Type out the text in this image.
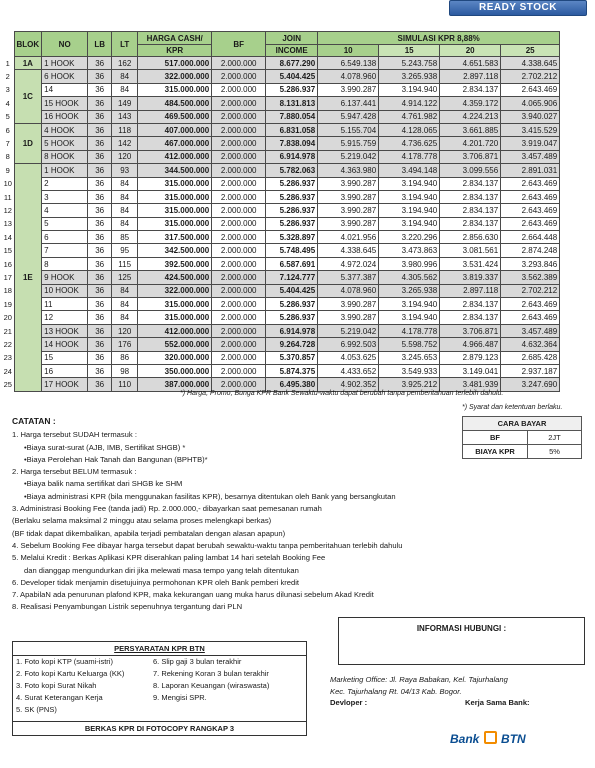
READY STOCK
	BLOK	NO	LB	LT	HARGA CASH/	BF	JOIN	SIMULASI KPR 8,88%			
					KPR		INCOME	10	15	20	25
1	1A	1 HOOK	36	162	517.000.000	2.000.000	8.677.290	6.549.138	5.243.758	4.651.583	4.338.645
2	1C	6 HOOK	36	84	322.000.000	2.000.000	5.404.425	4.078.960	3.265.938	2.897.118	2.702.212
3		14	36	84	315.000.000	2.000.000	5.286.937	3.990.287	3.194.940	2.834.137	2.643.469
4		15 HOOK	36	149	484.500.000	2.000.000	8.131.813	6.137.441	4.914.122	4.359.172	4.065.906
5		16 HOOK	36	143	469.500.000	2.000.000	7.880.054	5.947.428	4.761.982	4.224.213	3.940.027
6	1D	4 HOOK	36	118	407.000.000	2.000.000	6.831.058	5.155.704	4.128.065	3.661.885	3.415.529
7		5 HOOK	36	142	467.000.000	2.000.000	7.838.094	5.915.759	4.736.625	4.201.720	3.919.047
8		8 HOOK	36	120	412.000.000	2.000.000	6.914.978	5.219.042	4.178.778	3.706.871	3.457.489
9	1E	1 HOOK	36	93	344.500.000	2.000.000	5.782.063	4.363.980	3.494.148	3.099.556	2.891.031
10		2	36	84	315.000.000	2.000.000	5.286.937	3.990.287	3.194.940	2.834.137	2.643.469
11		3	36	84	315.000.000	2.000.000	5.286.937	3.990.287	3.194.940	2.834.137	2.643.469
12		4	36	84	315.000.000	2.000.000	5.286.937	3.990.287	3.194.940	2.834.137	2.643.469
13		5	36	84	315.000.000	2.000.000	5.286.937	3.990.287	3.194.940	2.834.137	2.643.469
14		6	36	85	317.500.000	2.000.000	5.328.897	4.021.956	3.220.296	2.856.630	2.664.448
15		7	36	95	342.500.000	2.000.000	5.748.495	4.338.645	3.473.863	3.081.561	2.874.248
16		8	36	115	392.500.000	2.000.000	6.587.691	4.972.024	3.980.996	3.531.424	3.293.846
17		9 HOOK	36	125	424.500.000	2.000.000	7.124.777	5.377.387	4.305.562	3.819.337	3.562.389
18		10 HOOK	36	84	322.000.000	2.000.000	5.404.425	4.078.960	3.265.938	2.897.118	2.702.212
19		11	36	84	315.000.000	2.000.000	5.286.937	3.990.287	3.194.940	2.834.137	2.643.469
20		12	36	84	315.000.000	2.000.000	5.286.937	3.990.287	3.194.940	2.834.137	2.643.469
21		13 HOOK	36	120	412.000.000	2.000.000	6.914.978	5.219.042	4.178.778	3.706.871	3.457.489
22		14 HOOK	36	176	552.000.000	2.000.000	9.264.728	6.992.503	5.598.752	4.966.487	4.632.364
23		15	36	86	320.000.000	2.000.000	5.370.857	4.053.625	3.245.653	2.879.123	2.685.428
24		16	36	98	350.000.000	2.000.000	5.874.375	4.433.652	3.549.933	3.149.041	2.937.187
25		17 HOOK	36	110	387.000.000	2.000.000	6.495.380	4.902.352	3.925.212	3.481.939	3.247.690
*) Harga, Promo, Bunga KPR Bank Sewaktu-waktu dapat berubah tanpa pemberitahuan terlebih dahulu.
*) Syarat dan ketentuan berlaku.
CATATAN :
1. Harga tersebut SUDAH termasuk :
•Biaya surat-surat (AJB, IMB, Sertifikat SHGB) *
•Biaya Perolehan Hak Tanah dan Bangunan (BPHTB)*
2. Harga tersebut BELUM termasuk :
•Biaya balik nama sertifikat dari SHGB ke SHM
•Biaya administrasi KPR (bila menggunakan fasilitas KPR), besarnya ditentukan oleh Bank yang bersangkutan
3. Administrasi Booking Fee (tanda jadi) Rp. 2.000.000,- dibayarkan saat pemesanan rumah
(Berlaku selama maksimal 2 minggu atau selama proses melengkapi berkas)
(BF tidak dapat dikembalikan, apabila terjadi pembatalan dengan alasan apapun)
4. Sebelum Booking Fee dibayar harga tersebut dapat berubah sewaktu-waktu tanpa pemberitahuan terlebih dahulu
5. Melalui Kredit : Berkas Aplikasi KPR diserahkan paling lambat 14 hari setelah Booking Fee
dan dianggap mengundurkan diri jika melewati masa tempo yang telah ditentukan
6. Developer tidak menjamin disetujuinya permohonan KPR oleh Bank pemberi kredit
7. ApabilaN ada penurunan plafond KPR, maka kekurangan uang muka harus dilunasi sebelum Akad Kredit
8. Realisasi Penyambungan Listrik sepenuhnya tergantung dari PLN
CARA BAYAR	
BF	2JT
BIAYA KPR	5%
PERSYARATAN KPR BTN
1. Foto kopi KTP (suami-istri)
2. Foto kopi Kartu Keluarga (KK)
3. Foto kopi Surat Nikah
4. Surat Keterangan Kerja
5. SK (PNS)
6. Slip gaji 3 bulan terakhir
7. Rekening Koran 3 bulan terakhir
8. Laporan Keuangan (wiraswasta)
9. Mengisi SPR.
BERKAS KPR DI FOTOCOPY RANGKAP 3
INFORMASI HUBUNGI :
Marketing Office: Jl. Raya Babakan, Kel. Tajurhalang
Kec. Tajurhalang Rt. 04/13 Kab. Bogor.
Devloper :	Kerja Sama Bank:
Bank BTN
